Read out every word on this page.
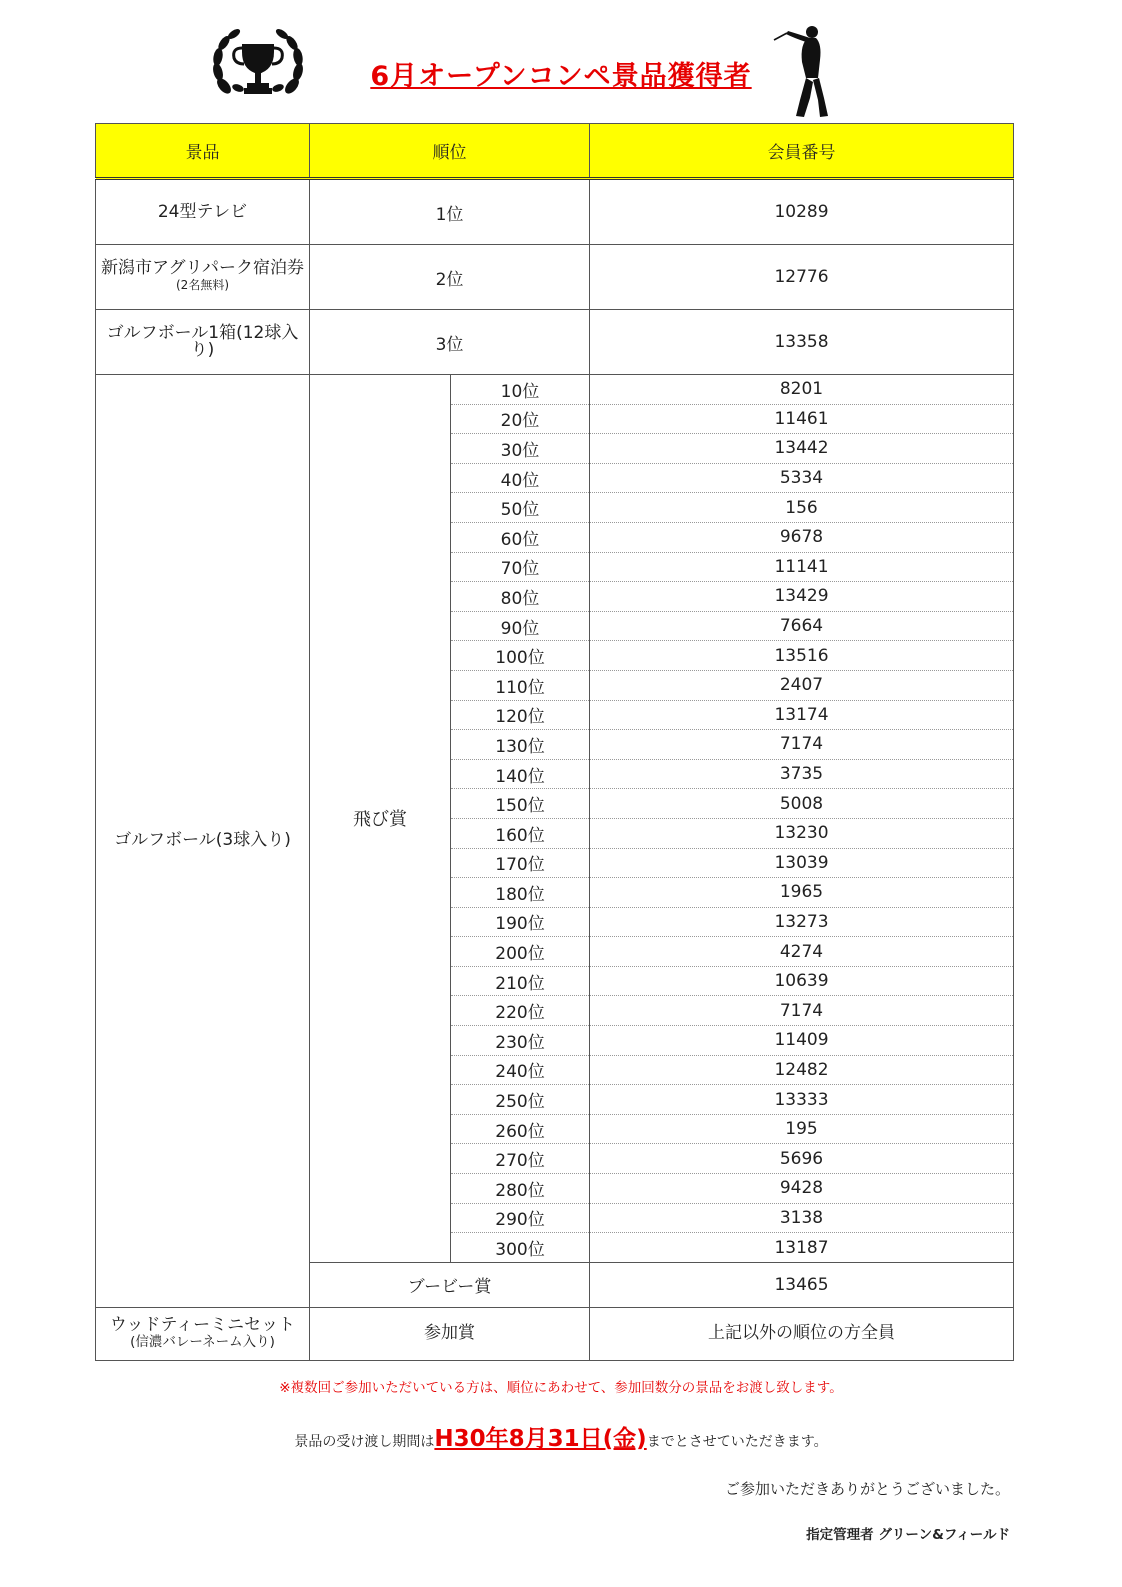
6月オープンコンペ景品獲得者
景品	順位		会員番号
24型テレビ	1位		10289
新潟市アグリパーク宿泊券
(2名無料)	2位		12776
ゴルフボール1箱(12球入り)	3位		13358
ゴルフボール(3球入り)	飛び賞	10位	8201
		20位	11461
		30位	13442
		40位	5334
		50位	156
		60位	9678
		70位	11141
		80位	13429
		90位	7664
		100位	13516
		110位	2407
		120位	13174
		130位	7174
		140位	3735
		150位	5008
		160位	13230
		170位	13039
		180位	1965
		190位	13273
		200位	4274
		210位	10639
		220位	7174
		230位	11409
		240位	12482
		250位	13333
		260位	195
		270位	5696
		280位	9428
		290位	3138
		300位	13187
	ブービー賞		13465
ウッドティーミニセット
(信濃バレーネーム入り)	参加賞		上記以外の順位の方全員
※複数回ご参加いただいている方は、順位にあわせて、参加回数分の景品をお渡し致します。
景品の受け渡し期間はH30年8月31日(金)までとさせていただきます。
ご参加いただきありがとうございました。
指定管理者 グリーン&フィールド
